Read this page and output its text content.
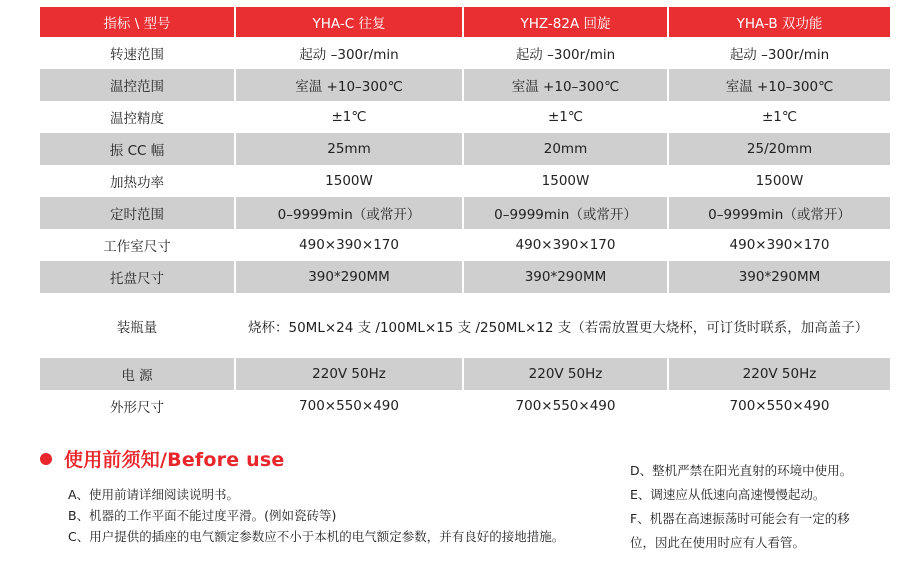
指标 \ 型号	YHA-C 往复	YHZ-82A 回旋	YHA-B 双功能
转速范围	起动 –300r/min	起动 –300r/min	起动 –300r/min
温控范围	室温 +10–300℃	室温 +10–300℃	室温 +10–300℃
温控精度	±1℃	±1℃	±1℃
振 CC 幅	25mm	20mm	25/20mm
加热功率	1500W	1500W	1500W
定时范围	0–9999min（或常开）	0–9999min（或常开）	0–9999min（或常开）
工作室尺寸	490×390×170	490×390×170	490×390×170
托盘尺寸	390*290MM	390*290MM	390*290MM
装瓶量	烧杯：50ML×24 支 /100ML×15 支 /250ML×12 支（若需放置更大烧杯，可订货时联系，加高盖子）		
电 源	220V 50Hz	220V 50Hz	220V 50Hz
外形尺寸	700×550×490	700×550×490	700×550×490
使用前须知/Before use
A、使用前请详细阅读说明书。
B、机器的工作平面不能过度平滑。(例如瓷砖等)
C、用户提供的插座的电气额定参数应不小于本机的电气额定参数，并有良好的接地措施。
D、整机严禁在阳光直射的环境中使用。
E、调速应从低速向高速慢慢起动。
F、机器在高速振荡时可能会有一定的移
位，因此在使用时应有人看管。
